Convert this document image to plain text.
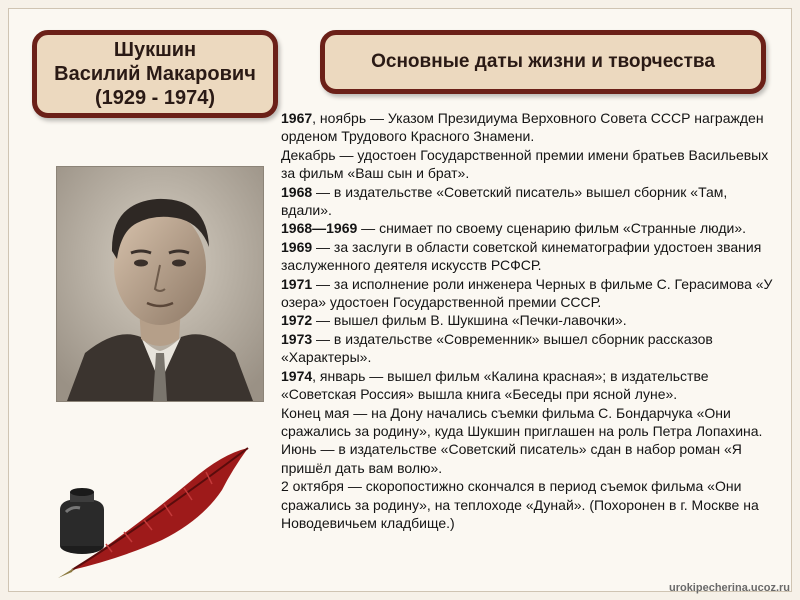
Шукшин
Василий Макарович
(1929 - 1974)
Основные даты жизни и творчества

1967, ноябрь — Указом Президиума Верховного Совета СССР награжден орденом Трудового Красного Знамени.

Декабрь — удостоен Государственной премии имени братьев Васильевых за фильм «Ваш сын и брат».

1968 — в издательстве «Советский писатель» вышел сборник «Там, вдали».

1968—1969 — снимает по своему сценарию фильм «Странные люди».

1969 — за заслуги в области советской кинематографии удостоен звания заслуженного деятеля искусств РСФСР.

1971 — за исполнение роли инженера Черных в фильме С. Герасимова «У озера» удостоен Государственной премии СССР.

1972 — вышел фильм В. Шукшина «Печки-лавочки».

1973 — в издательстве «Современник» вышел сборник рассказов «Характеры».

1974, январь — вышел фильм «Калина красная»; в издательстве «Советская Россия» вышла книга «Беседы при ясной луне».

Конец мая — на Дону начались съемки фильма С. Бондарчука «Они сражались за родину», куда Шукшин приглашен на роль Петра Лопахина.

Июнь — в издательстве «Советский писатель» сдан в набор роман «Я пришёл дать вам волю».

2 октября — скоропостижно скончался в период съемок фильма «Они сражались за родину», на теплоходе «Дунай». (Похоронен в г. Москве на Новодевичьем кладбище.)

urokipecherina.ucoz.ru
